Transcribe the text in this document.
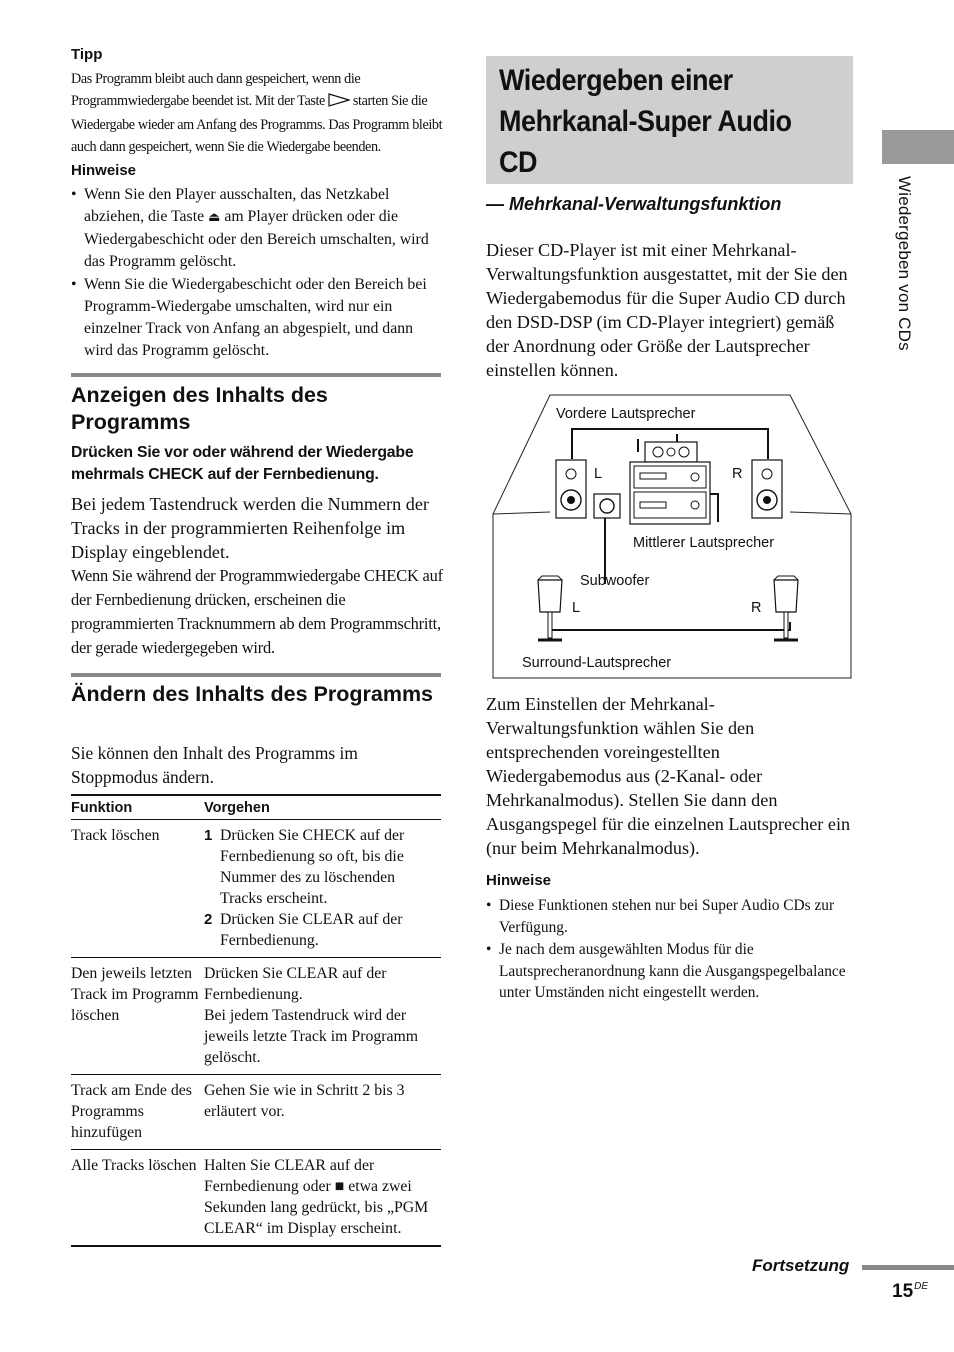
Tipp
Das Programm bleibt auch dann gespeichert, wenn die Programmwiedergabe beendet ist. Mit der Taste starten Sie die Wiedergabe wieder am Anfang des Programms. Das Programm bleibt auch dann gespeichert, wenn Sie die Wiedergabe beenden.
Hinweise
• Wenn Sie den Player ausschalten, das Netzkabel abziehen, die Taste ⏏ am Player drücken oder die Wiedergabeschicht oder den Bereich umschalten, wird das Programm gelöscht.
• Wenn Sie die Wiedergabeschicht oder den Bereich bei Programm-Wiedergabe umschalten, wird nur ein einzelner Track von Anfang an abgespielt, und dann wird das Programm gelöscht.
Anzeigen des Inhalts des Programms
Drücken Sie vor oder während der Wiedergabe mehrmals CHECK auf der Fernbedienung.
Bei jedem Tastendruck werden die Nummern der Tracks in der programmierten Reihenfolge im Display eingeblendet.
Wenn Sie während der Programmwiedergabe CHECK auf der Fernbedienung drücken, erscheinen die programmierten Tracknummern ab dem Programmschritt, der gerade wiedergegeben wird.
Ändern des Inhalts des Programms
Sie können den Inhalt des Programms im Stoppmodus ändern.
Funktion	Vorgehen
Track löschen	1 Drücken Sie CHECK auf der Fernbedienung so oft, bis die Nummer des zu löschenden Tracks erscheint.
2 Drücken Sie CLEAR auf der Fernbedienung.

Den jeweils letzten Track im Programm löschen	Drücken Sie CLEAR auf der Fernbedienung.
Bei jedem Tastendruck wird der jeweils letzte Track im Programm gelöscht.

Track am Ende des Programms hinzufügen	Gehen Sie wie in Schritt 2 bis 3 erläutert vor.
Alle Tracks löschen	Halten Sie CLEAR auf der Fernbedienung oder ■ etwa zwei Sekunden lang gedrückt, bis „PGM CLEAR“ im Display erscheint.
Wiedergeben einer Mehrkanal-Super Audio CD
— Mehrkanal-Verwaltungsfunktion
Dieser CD-Player ist mit einer Mehrkanal-Verwaltungsfunktion ausgestattet, mit der Sie den Wiedergabemodus für die Super Audio CD durch den DSD-DSP (im CD-Player integriert) gemäß der Anordnung oder Größe der Lautsprecher einstellen können.
Vordere Lautsprecher
L	R
Mittlerer Lautsprecher
Subwoofer
L	R
Surround-Lautsprecher
Zum Einstellen der Mehrkanal-Verwaltungsfunktion wählen Sie den entsprechenden voreingestellten Wiedergabemodus aus (2-Kanal- oder Mehrkanalmodus). Stellen Sie dann den Ausgangspegel für die einzelnen Lautsprecher ein (nur beim Mehrkanalmodus).
Hinweise
• Diese Funktionen stehen nur bei Super Audio CDs zur Verfügung.
• Je nach dem ausgewählten Modus für die Lautsprecheranordnung kann die Ausgangspegelbalance unter Umständen nicht eingestellt werden.
Wiedergeben von CDs
Fortsetzung
15DE
